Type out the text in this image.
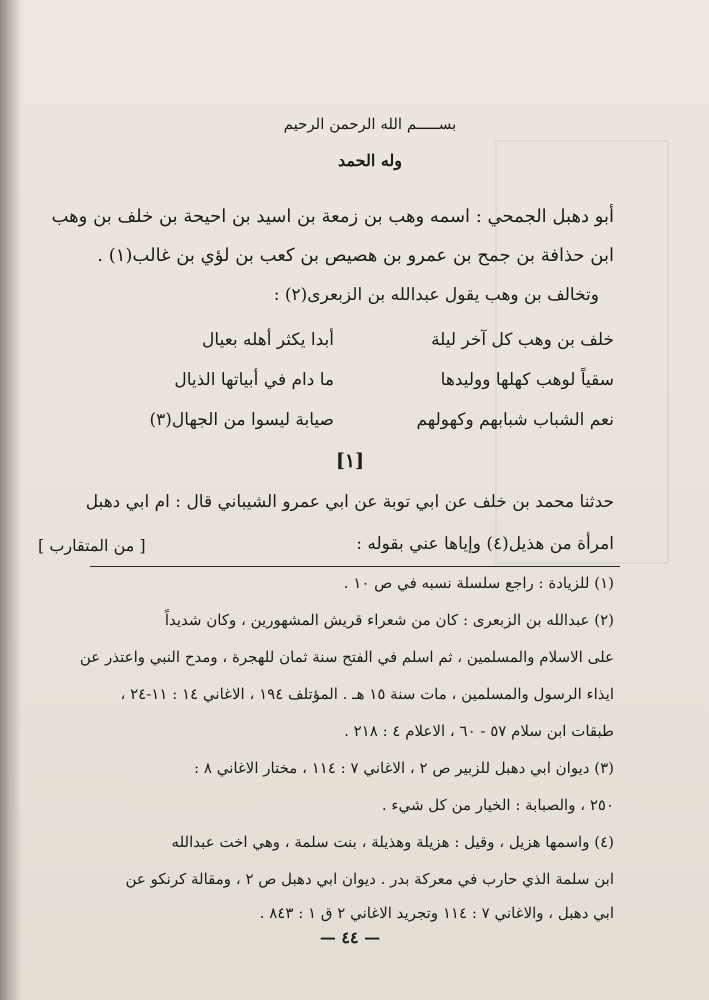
بســـــم الله الرحمن الرحيم

وله الحمد

أبو دهبل الجمحي : اسمه وهب بن زمعة بن اسيد بن احيحة بن خلف بن وهب

ابن حذافة بن جمح بن عمرو بن هصيص بن كعب بن لؤي بن غالب(١) .

وتخالف بن وهب يقول عبدالله بن الزبعرى(٢) :

خلف بن وهب كل آخر ليلة

أبدا يكثر أهله بعيال

سقياً لوهب كهلها ووليدها

ما دام في أبياتها الذيال

نعم الشباب شبابهم وكهولهم

صيابة ليسوا من الجهال(٣)

[١]

حدثنا محمد بن خلف عن ابي توبة عن ابي عمرو الشيباني قال : ام ابي دهبل

امرأة من هذيل(٤) وإياها عني بقوله :

[ من المتقارب ]

(١) للزيادة : راجع سلسلة نسبه في ص ١٠ .

(٢) عبدالله بن الزبعرى : كان من شعراء قريش المشهورين ، وكان شديداً

على الاسلام والمسلمين ، ثم اسلم في الفتح سنة ثمان للهجرة ، ومدح النبي واعتذر عن

ايذاء الرسول والمسلمين ، مات سنة ١٥ هـ . المؤتلف ١٩٤ ، الاغاني ١٤ : ١١-٢٤ ،

طبقات ابن سلام ٥٧ - ٦٠ ، الاعلام ٤ : ٢١٨ .

(٣) ديوان ابي دهبل للزبير ص ٢ ، الاغاني ٧ : ١١٤ ، مختار الاغاني ٨ :

٢٥٠ ، والصبابة : الخيار من كل شيء .

(٤) واسمها هزيل ، وقيل : هزيلة وهذيلة ، بنت سلمة ، وهي اخت عبدالله

ابن سلمة الذي حارب في معركة بدر . ديوان ابي دهبل ص ٢ ، ومقالة كرنكو عن

ابي دهبل ، والاغاني ٧ : ١١٤ وتجريد الاغاني ٢ ق ١ : ٨٤٣ .

— ٤٤ —
